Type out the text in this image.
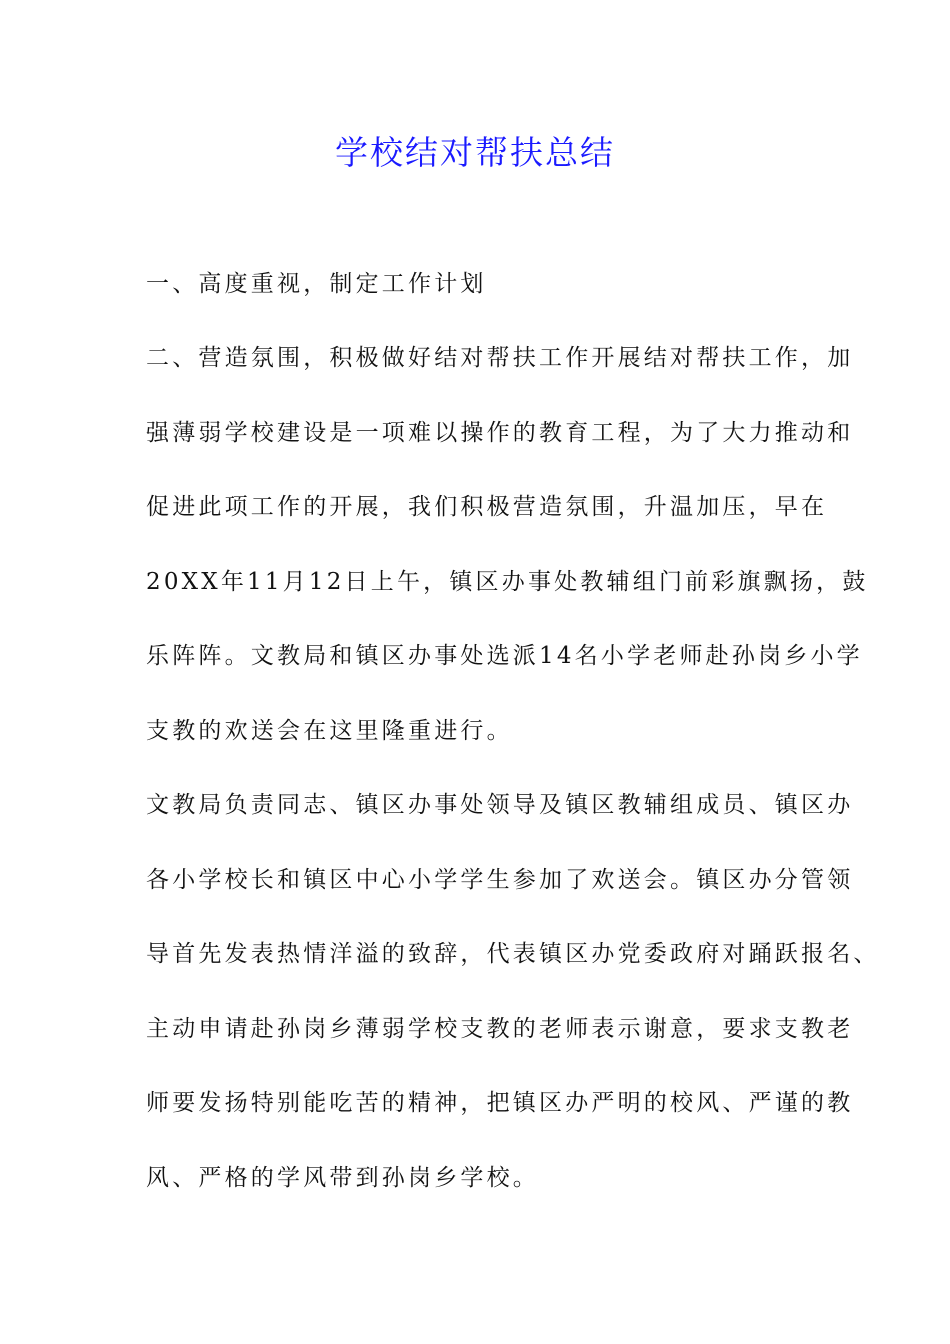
学校结对帮扶总结
一、高度重视，制定工作计划
二、营造氛围，积极做好结对帮扶工作开展结对帮扶工作，加
强薄弱学校建设是一项难以操作的教育工程，为了大力推动和
促进此项工作的开展，我们积极营造氛围，升温加压，早在
20XX年11月12日上午，镇区办事处教辅组门前彩旗飘扬，鼓
乐阵阵。文教局和镇区办事处选派14名小学老师赴孙岗乡小学
支教的欢送会在这里隆重进行。
文教局负责同志、镇区办事处领导及镇区教辅组成员、镇区办
各小学校长和镇区中心小学学生参加了欢送会。镇区办分管领
导首先发表热情洋溢的致辞，代表镇区办党委政府对踊跃报名、
主动申请赴孙岗乡薄弱学校支教的老师表示谢意，要求支教老
师要发扬特别能吃苦的精神，把镇区办严明的校风、严谨的教
风、严格的学风带到孙岗乡学校。
